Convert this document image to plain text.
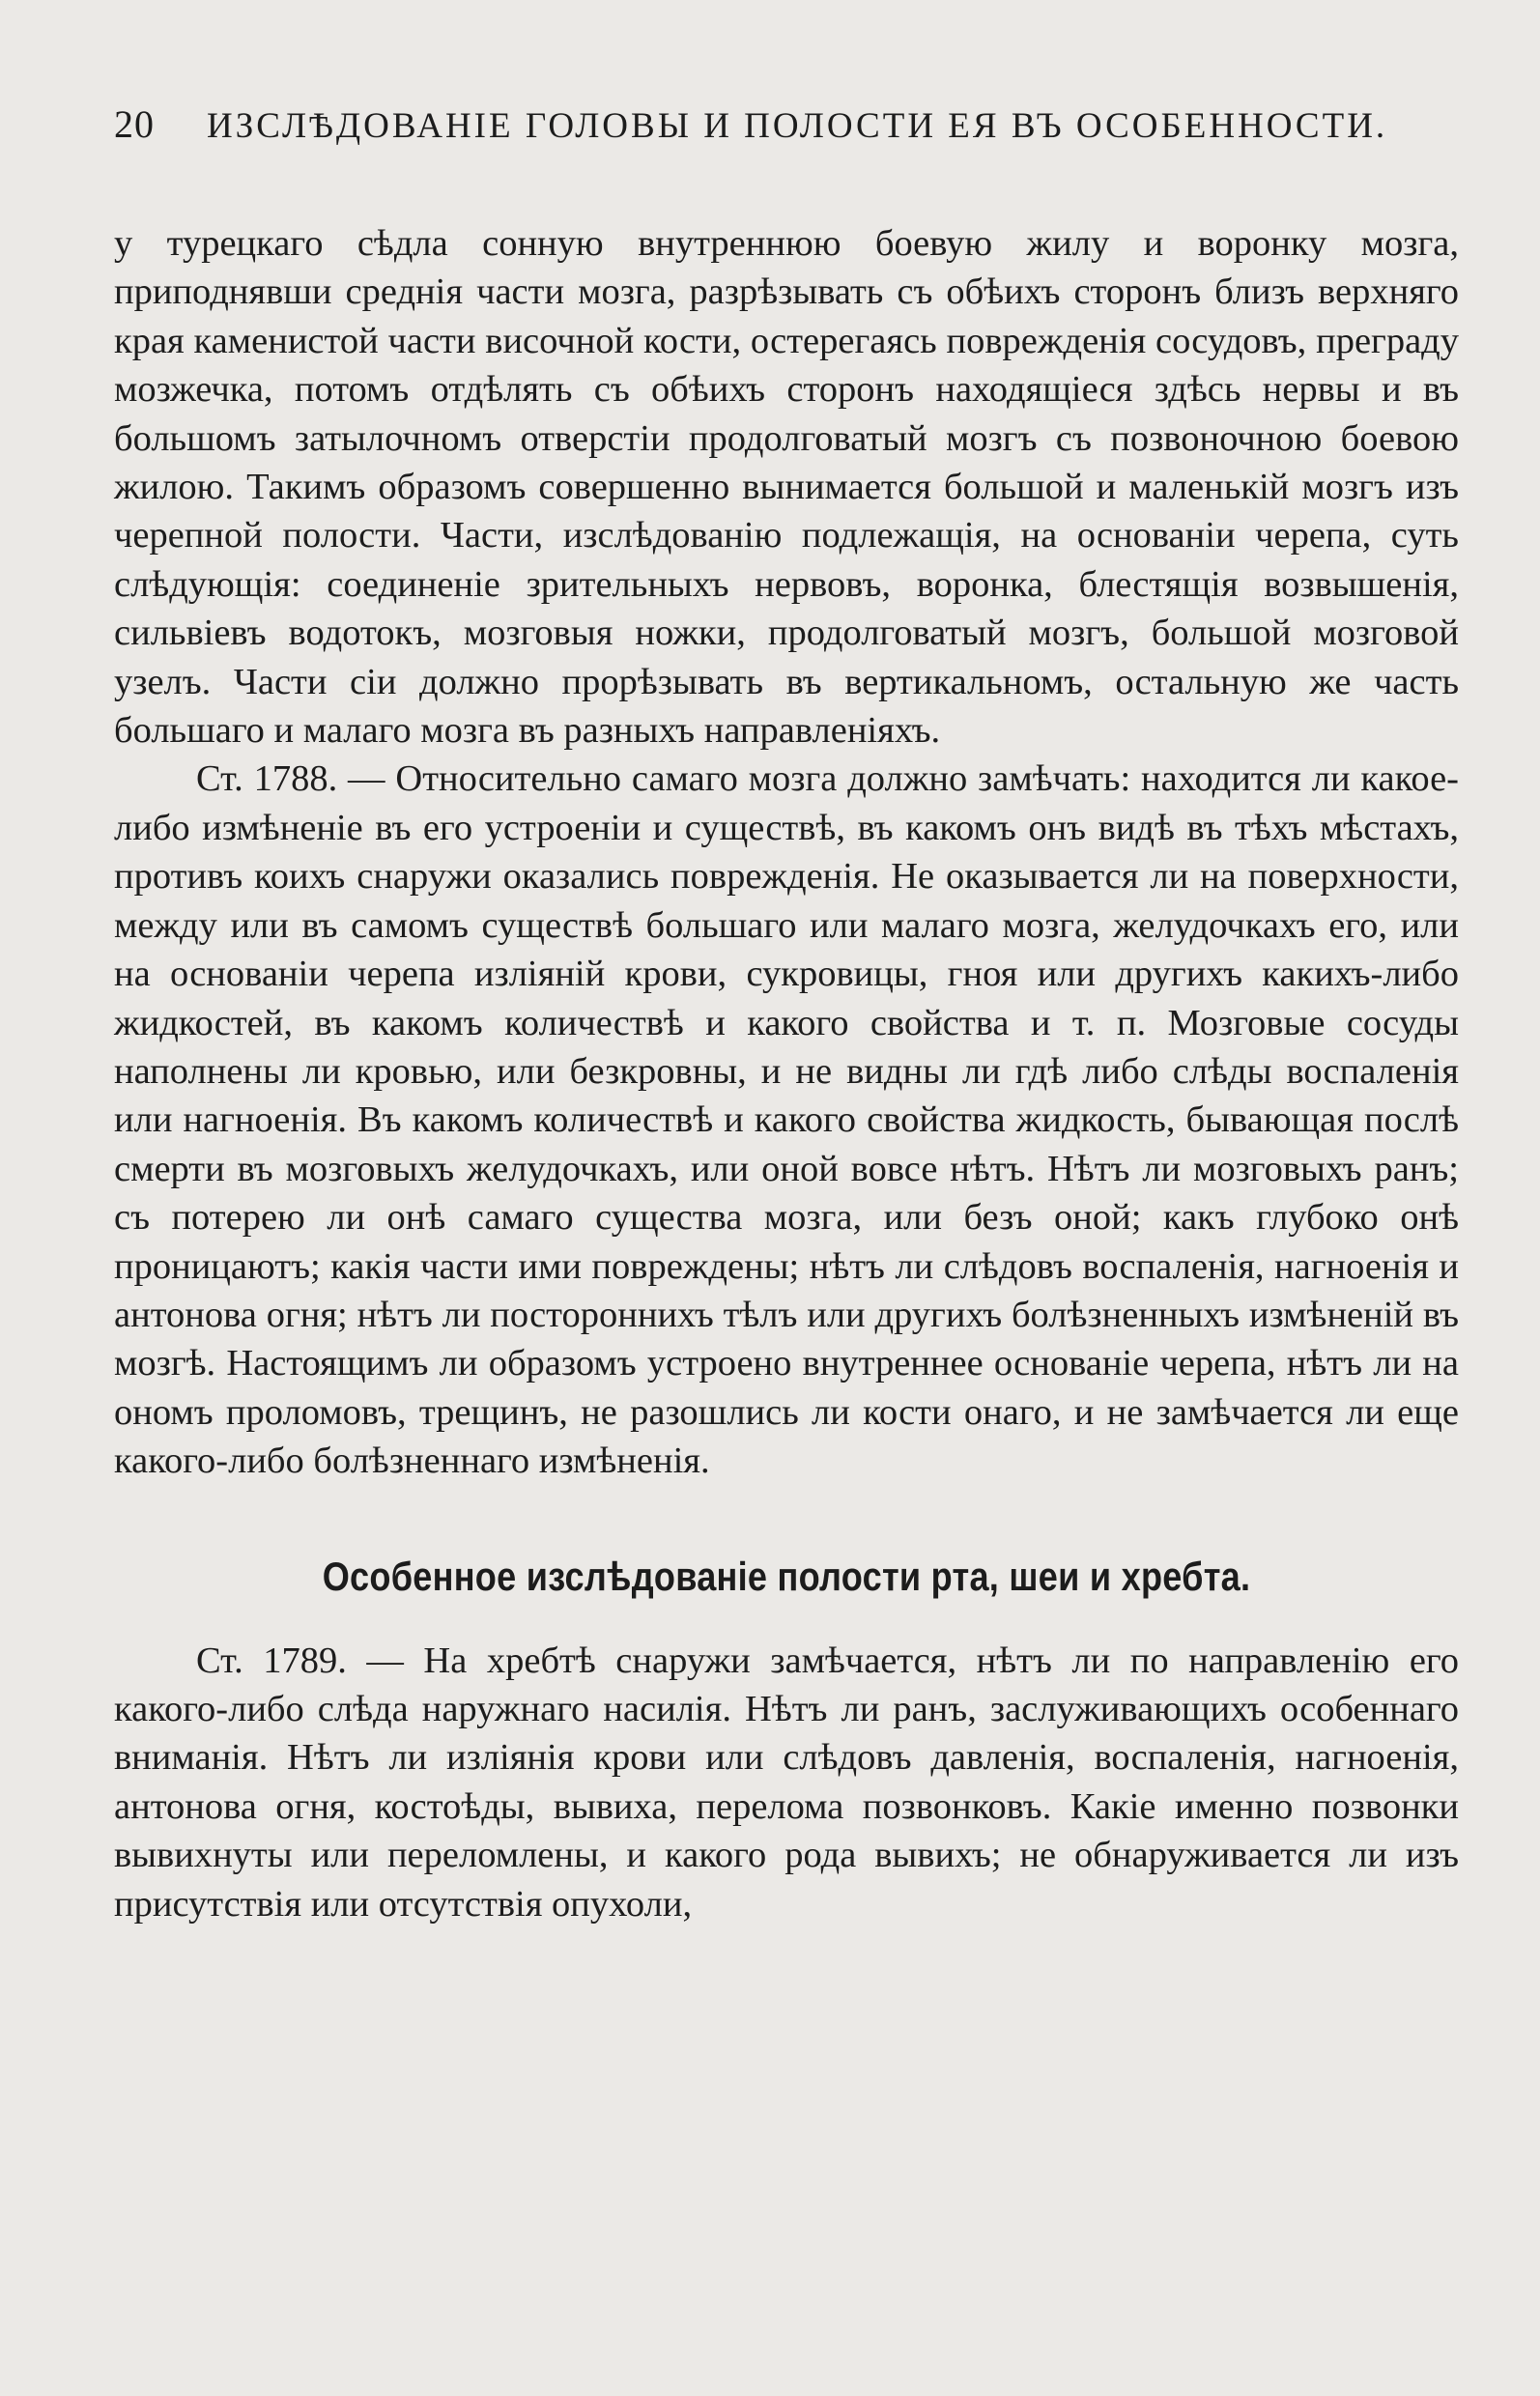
20 ИЗСЛѢДОВАНІЕ ГОЛОВЫ И ПОЛОСТИ ЕЯ ВЪ ОСОБЕННОСТИ.

у турецкаго сѣдла сонную внутреннюю боевую жилу и воронку мозга, приподнявши среднія части мозга, разрѣзывать съ обѣихъ сторонъ близъ верхняго края каменистой части височной кости, остерегаясь поврежденія сосудовъ, преграду мозжечка, потомъ отдѣлять съ обѣихъ сторонъ находящіеся здѣсь нервы и въ большомъ затылочномъ отверстіи продолговатый мозгъ съ позвоночною боевою жилою. Такимъ образомъ совершенно вынимается большой и маленькій мозгъ изъ черепной полости. Части, изслѣдованію подлежащія, на основаніи черепа, суть слѣдующія: соединеніе зрительныхъ нервовъ, воронка, блестящія возвышенія, сильвіевъ водотокъ, мозговыя ножки, продолговатый мозгъ, большой мозговой узелъ. Части сіи должно прорѣзывать въ вертикальномъ, остальную же часть большаго и малаго мозга въ разныхъ направленіяхъ.

Ст. 1788. — Относительно самаго мозга должно замѣчать: находится ли какое-либо измѣненіе въ его устроеніи и существѣ, въ какомъ онъ видѣ въ тѣхъ мѣстахъ, противъ коихъ снаружи оказались поврежденія. Не оказывается ли на поверхности, между или въ самомъ существѣ большаго или малаго мозга, желудочкахъ его, или на основаніи черепа изліяній крови, сукровицы, гноя или другихъ какихъ-либо жидкостей, въ какомъ количествѣ и какого свойства и т. п. Мозговые сосуды наполнены ли кровью, или безкровны, и не видны ли гдѣ либо слѣды воспаленія или нагноенія. Въ какомъ количествѣ и какого свойства жидкость, бывающая послѣ смерти въ мозговыхъ желудочкахъ, или оной вовсе нѣтъ. Нѣтъ ли мозговыхъ ранъ; съ потерею ли онѣ самаго существа мозга, или безъ оной; какъ глубоко онѣ проницаютъ; какія части ими повреждены; нѣтъ ли слѣдовъ воспаленія, нагноенія и антонова огня; нѣтъ ли постороннихъ тѣлъ или другихъ болѣзненныхъ измѣненій въ мозгѣ. Настоящимъ ли образомъ устроено внутреннее основаніе черепа, нѣтъ ли на ономъ проломовъ, трещинъ, не разошлись ли кости онаго, и не замѣчается ли еще какого-либо болѣзненнаго измѣненія.

Особенное изслѣдованіе полости рта, шеи и хребта.

Ст. 1789. — На хребтѣ снаружи замѣчается, нѣтъ ли по направленію его какого-либо слѣда наружнаго насилія. Нѣтъ ли ранъ, заслуживающихъ особеннаго вниманія. Нѣтъ ли изліянія крови или слѣдовъ давленія, воспаленія, нагноенія, антонова огня, костоѣды, вывиха, перелома позвонковъ. Какіе именно позвонки вывихнуты или переломлены, и какого рода вывихъ; не обнаруживается ли изъ присутствія или отсутствія опухоли,
